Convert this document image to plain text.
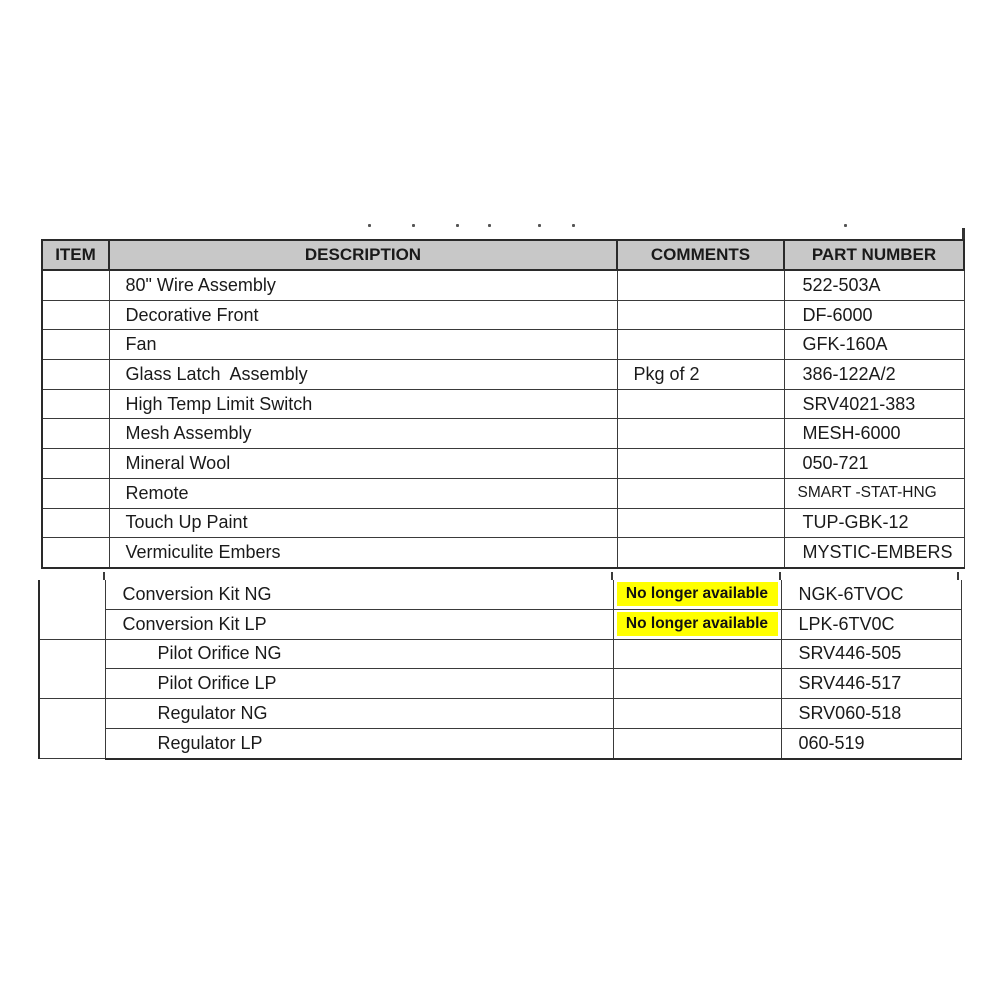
ITEM	DESCRIPTION	COMMENTS	PART NUMBER
	80" Wire Assembly		522-503A
	Decorative Front		DF-6000
	Fan		GFK-160A
	Glass Latch  Assembly	Pkg of 2	386-122A/2
	High Temp Limit Switch		SRV4021-383
	Mesh Assembly		MESH-6000
	Mineral Wool		050-721
	Remote		SMART -STAT-HNG
	Touch Up Paint		TUP-GBK-12
	Vermiculite Embers		MYSTIC-EMBERS
	Conversion Kit NG	No longer available	NGK-6TVOC
	Conversion Kit LP	No longer available	LPK-6TV0C
	Pilot Orifice NG		SRV446-505
	Pilot Orifice LP		SRV446-517
	Regulator NG		SRV060-518
	Regulator LP		060-519
